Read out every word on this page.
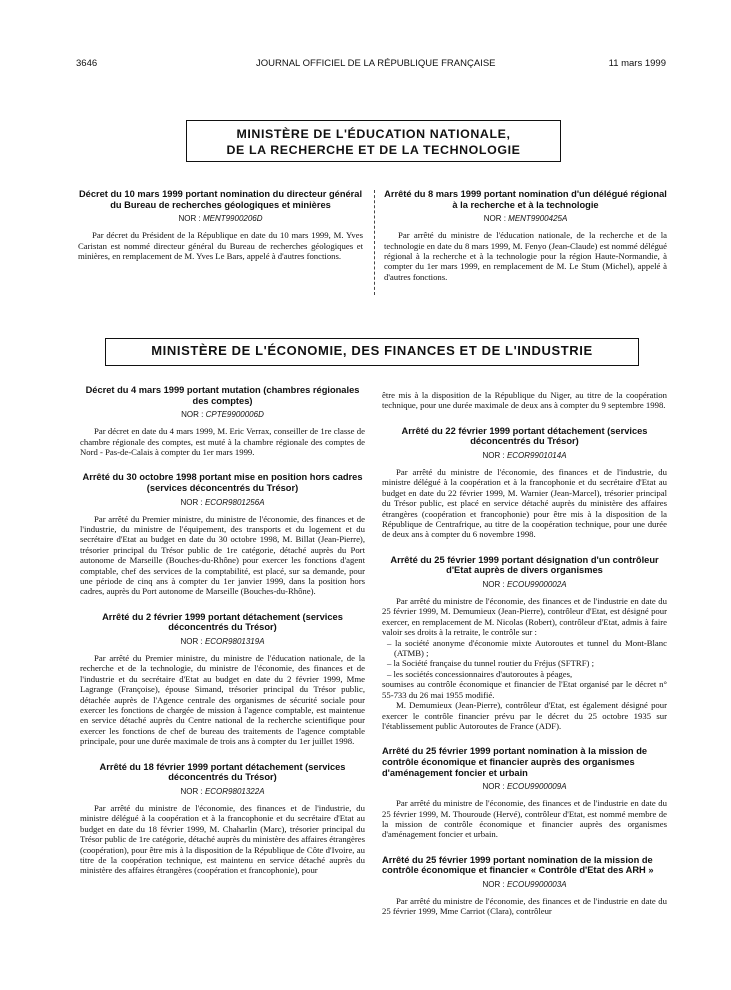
3646	JOURNAL OFFICIEL DE LA RÉPUBLIQUE FRANÇAISE	11 mars 1999
MINISTÈRE DE L'ÉDUCATION NATIONALE,
DE LA RECHERCHE ET DE LA TECHNOLOGIE

Décret du 10 mars 1999 portant nomination du directeur général du Bureau de recherches géologiques et minières

NOR : MENT9900206D

Par décret du Président de la République en date du 10 mars 1999, M. Yves Caristan est nommé directeur général du Bureau de recherches géologiques et minières, en remplacement de M. Yves Le Bars, appelé à d'autres fonctions.

Arrêté du 8 mars 1999 portant nomination d'un délégué régional à la recherche et à la technologie

NOR : MENT9900425A

Par arrêté du ministre de l'éducation nationale, de la recherche et de la technologie en date du 8 mars 1999, M. Fenyo (Jean-Claude) est nommé délégué régional à la recherche et à la technologie pour la région Haute-Normandie, à compter du 1er mars 1999, en remplacement de M. Le Stum (Michel), appelé à d'autres fonctions.

MINISTÈRE DE L'ÉCONOMIE, DES FINANCES ET DE L'INDUSTRIE

Décret du 4 mars 1999 portant mutation (chambres régionales des comptes)

NOR : CPTE9900006D

Par décret en date du 4 mars 1999, M. Eric Verrax, conseiller de 1re classe de chambre régionale des comptes, est muté à la chambre régionale des comptes de Nord - Pas-de-Calais à compter du 1er mars 1999.

Arrêté du 30 octobre 1998 portant mise en position hors cadres (services déconcentrés du Trésor)

NOR : ECOR9801256A

Par arrêté du Premier ministre, du ministre de l'économie, des finances et de l'industrie, du ministre de l'équipement, des transports et du logement et du secrétaire d'Etat au budget en date du 30 octobre 1998, M. Billat (Jean-Pierre), trésorier principal du Trésor public de 1re catégorie, détaché auprès du Port autonome de Marseille (Bouches-du-Rhône) pour exercer les fonctions d'agent comptable, chef des services de la comptabilité, est placé, sur sa demande, pour une période de cinq ans à compter du 1er janvier 1999, dans la position hors cadres, auprès du Port autonome de Marseille (Bouches-du-Rhône).

Arrêté du 2 février 1999 portant détachement (services déconcentrés du Trésor)

NOR : ECOR9801319A

Par arrêté du Premier ministre, du ministre de l'éducation nationale, de la recherche et de la technologie, du ministre de l'économie, des finances et de l'industrie et du secrétaire d'Etat au budget en date du 2 février 1999, Mme Lagrange (Françoise), épouse Simand, trésorier principal du Trésor public, détachée auprès de l'Agence centrale des organismes de sécurité sociale pour exercer les fonctions de chargée de mission à l'agence comptable, est maintenue en service détaché auprès du Centre national de la recherche scientifique pour exercer les fonctions de chef de bureau des traitements de l'agence comptable principale, pour une durée maximale de trois ans à compter du 1er juillet 1998.

Arrêté du 18 février 1999 portant détachement (services déconcentrés du Trésor)

NOR : ECOR9801322A

Par arrêté du ministre de l'économie, des finances et de l'industrie, du ministre délégué à la coopération et à la francophonie et du secrétaire d'Etat au budget en date du 18 février 1999, M. Chaharlin (Marc), trésorier principal du Trésor public de 1re catégorie, détaché auprès du ministère des affaires étrangères (coopération), pour être mis à la disposition de la République de Côte d'Ivoire, au titre de la coopération technique, est maintenu en service détaché auprès du ministère des affaires étrangères (coopération et francophonie), pour

être mis à la disposition de la République du Niger, au titre de la coopération technique, pour une durée maximale de deux ans à compter du 9 septembre 1998.

Arrêté du 22 février 1999 portant détachement (services déconcentrés du Trésor)

NOR : ECOR9901014A

Par arrêté du ministre de l'économie, des finances et de l'industrie, du ministre délégué à la coopération et à la francophonie et du secrétaire d'Etat au budget en date du 22 février 1999, M. Warnier (Jean-Marcel), trésorier principal du Trésor public, est placé en service détaché auprès du ministère des affaires étrangères (coopération et francophonie) pour être mis à la disposition de la République de Centrafrique, au titre de la coopération technique, pour une durée de deux ans à compter du 6 novembre 1998.

Arrêté du 25 février 1999 portant désignation d'un contrôleur d'Etat auprès de divers organismes

NOR : ECOU9900002A

Par arrêté du ministre de l'économie, des finances et de l'industrie en date du 25 février 1999, M. Demumieux (Jean-Pierre), contrôleur d'Etat, est désigné pour exercer, en remplacement de M. Nicolas (Robert), contrôleur d'Etat, admis à faire valoir ses droits à la retraite, le contrôle sur :

– la société anonyme d'économie mixte Autoroutes et tunnel du Mont-Blanc (ATMB) ;

– la Société française du tunnel routier du Fréjus (SFTRF) ;

– les sociétés concessionnaires d'autoroutes à péages,

soumises au contrôle économique et financier de l'Etat organisé par le décret n° 55-733 du 26 mai 1955 modifié.

M. Demumieux (Jean-Pierre), contrôleur d'Etat, est également désigné pour exercer le contrôle financier prévu par le décret du 25 octobre 1935 sur l'établissement public Autoroutes de France (ADF).

Arrêté du 25 février 1999 portant nomination à la mission de contrôle économique et financier auprès des organismes d'aménagement foncier et urbain

NOR : ECOU9900009A

Par arrêté du ministre de l'économie, des finances et de l'industrie en date du 25 février 1999, M. Thouroude (Hervé), contrôleur d'Etat, est nommé membre de la mission de contrôle économique et financier auprès des organismes d'aménagement foncier et urbain.

Arrêté du 25 février 1999 portant nomination de la mission de contrôle économique et financier « Contrôle d'Etat des ARH »

NOR : ECOU9900003A

Par arrêté du ministre de l'économie, des finances et de l'industrie en date du 25 février 1999, Mme Carriot (Clara), contrôleur
